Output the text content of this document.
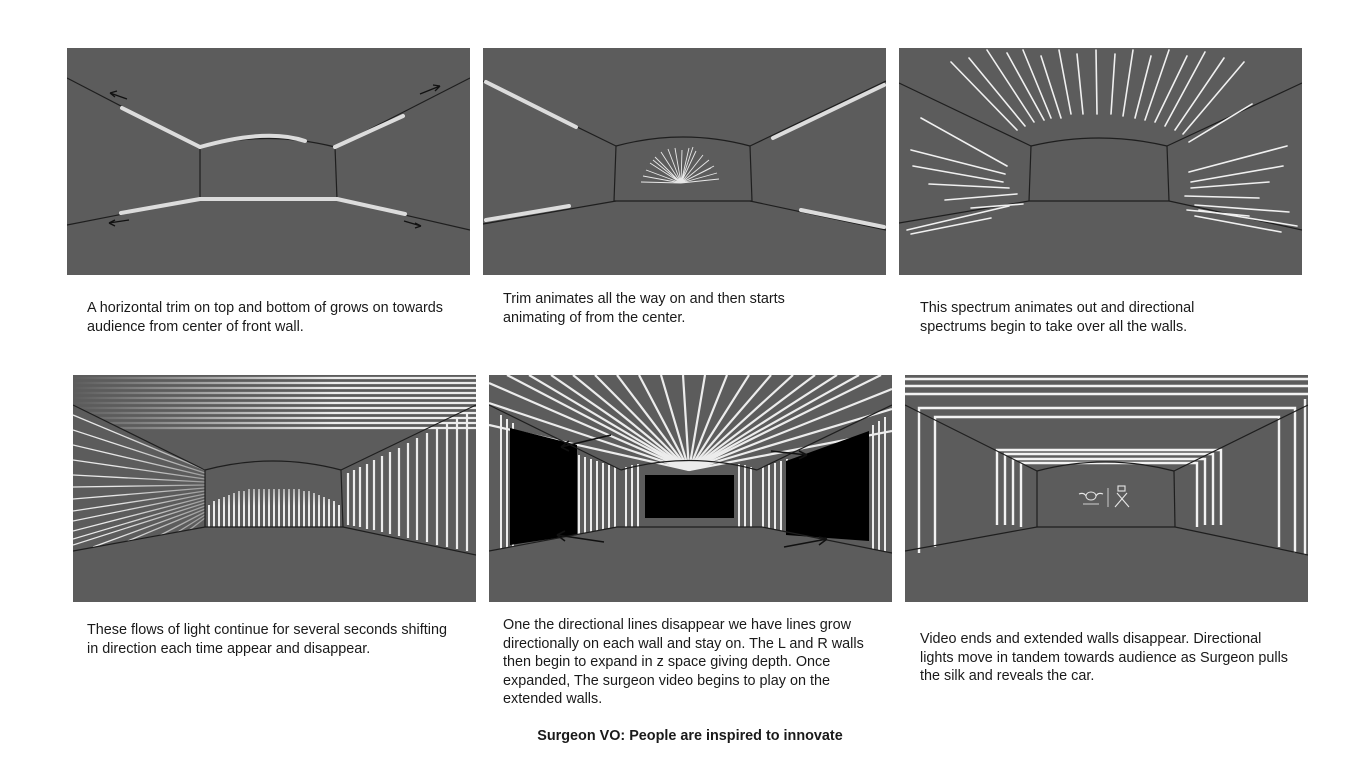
A horizontal trim on top and bottom of grows on towards audience from center of front wall.
Trim animates all the way on and then starts animating of from the center.
This spectrum animates out and directional spectrums begin to take over all the walls.
These flows of light continue for several seconds shifting in direction each time appear and disappear.
One the directional lines disappear we have lines grow directionally on each wall and stay on. The L and R walls then begin to expand in z space giving depth. Once expanded, The surgeon video begins to play on the extended walls.
Video ends and extended walls disappear. Directional lights move in tandem towards audience as Surgeon pulls the silk and reveals the car.
Surgeon VO: People are inspired to innovate
